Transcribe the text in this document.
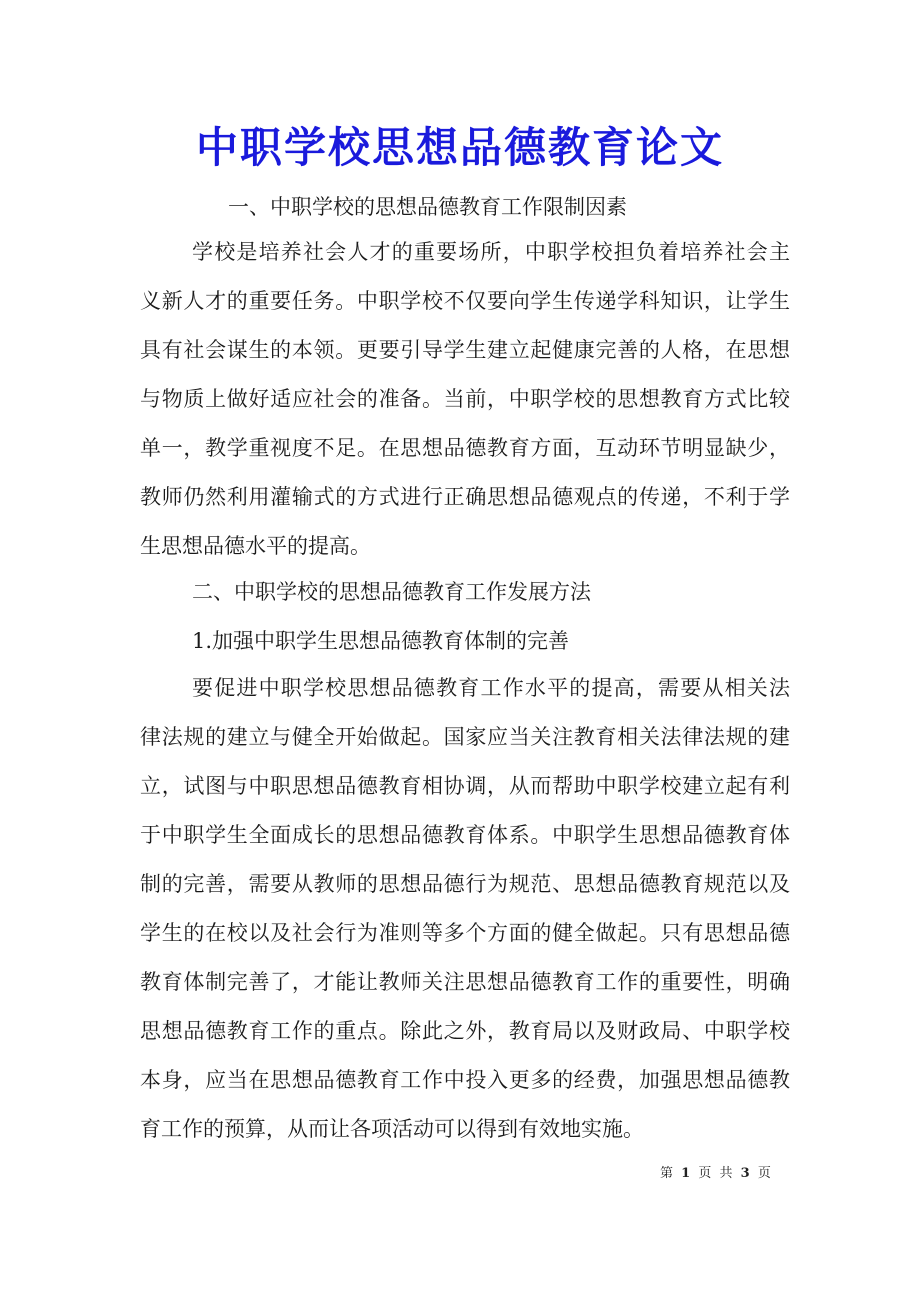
中职学校思想品德教育论文
一、中职学校的思想品德教育工作限制因素
学校是培养社会人才的重要场所，中职学校担负着培养社会主
义新人才的重要任务。中职学校不仅要向学生传递学科知识，让学生
具有社会谋生的本领。更要引导学生建立起健康完善的人格，在思想
与物质上做好适应社会的准备。当前，中职学校的思想教育方式比较
单一，教学重视度不足。在思想品德教育方面，互动环节明显缺少，
教师仍然利用灌输式的方式进行正确思想品德观点的传递，不利于学
生思想品德水平的提高。
二、中职学校的思想品德教育工作发展方法
1.加强中职学生思想品德教育体制的完善
要促进中职学校思想品德教育工作水平的提高，需要从相关法
律法规的建立与健全开始做起。国家应当关注教育相关法律法规的建
立，试图与中职思想品德教育相协调，从而帮助中职学校建立起有利
于中职学生全面成长的思想品德教育体系。中职学生思想品德教育体
制的完善，需要从教师的思想品德行为规范、思想品德教育规范以及
学生的在校以及社会行为准则等多个方面的健全做起。只有思想品德
教育体制完善了，才能让教师关注思想品德教育工作的重要性，明确
思想品德教育工作的重点。除此之外，教育局以及财政局、中职学校
本身，应当在思想品德教育工作中投入更多的经费，加强思想品德教
育工作的预算，从而让各项活动可以得到有效地实施。
第 1 页 共 3 页
